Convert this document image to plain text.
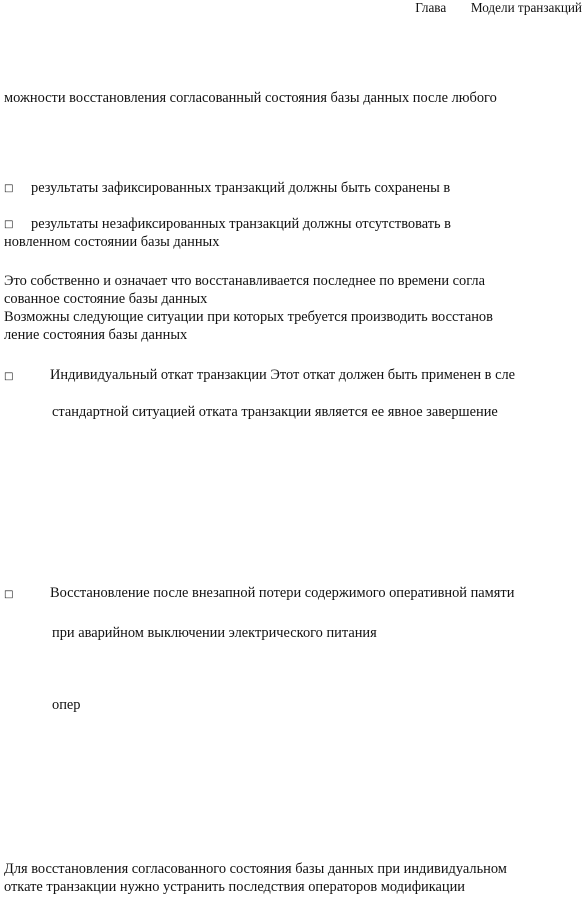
Глава Модели транзакций
можности восстановления согласованный состояния базы данных после любого
□ результаты зафиксированных транзакций должны быть сохранены в
□ результаты незафиксированных транзакций должны отсутствовать в
новленном состоянии базы данных
Это собственно и означает что восстанавливается последнее по времени согла
сованное состояние базы данных
Возможны следующие ситуации при которых требуется производить восстанов
ление состояния базы данных
□	Индивидуальный откат транзакции Этот откат должен быть применен в сле
стандартной ситуацией отката транзакции является ее явное завершение
□	Восстановление после внезапной потери содержимого оперативной памяти
при аварийном выключении электрического питания
опер
Для восстановления согласованного состояния базы данных при индивидуальном
откате транзакции нужно устранить последствия операторов модификации
